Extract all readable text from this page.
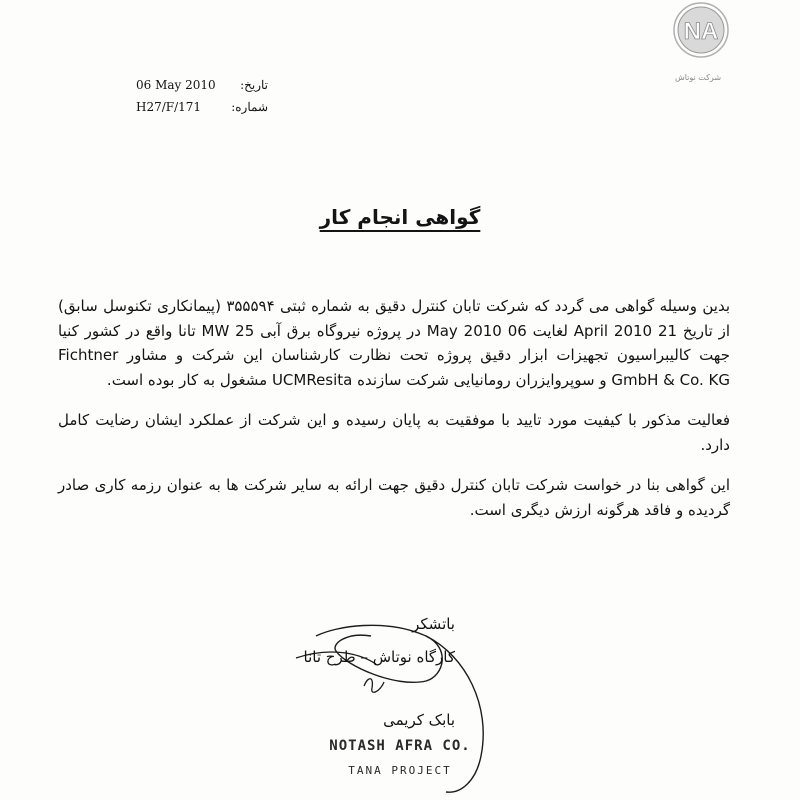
NA
شرکت نوتاش
06 May 2010 تاریخ:
H27/F/171	شماره:
گواهی انجام کار

بدین وسیله گواهی می گردد که شرکت تابان کنترل دقیق به شماره ثبتی ۳۵۵۵۹۴ (پیمانکاری تکنوسل سابق) از تاریخ 21 April 2010 لغایت 06 May 2010 در پروژه نیروگاه برق آبی 25 MW تانا واقع در کشور کنیا جهت کالیبراسیون تجهیزات ابزار دقیق پروژه تحت نظارت کارشناسان این شرکت و مشاور Fichtner GmbH & Co. KG و سوپروایزران رومانیایی شرکت سازنده UCMResita مشغول به کار بوده است.

فعالیت مذکور با کیفیت مورد تایید با موفقیت به پایان رسیده و این شرکت از عملکرد ایشان رضایت کامل دارد.

این گواهی بنا در خواست شرکت تابان کنترل دقیق جهت ارائه به سایر شرکت ها به عنوان رزمه کاری صادر گردیده و فاقد هرگونه ارزش دیگری است.

باتشکر
کارگاه نوتاش – طرح تانا
بابک کریمی
NOTASH AFRA CO.
TANA PROJECT
